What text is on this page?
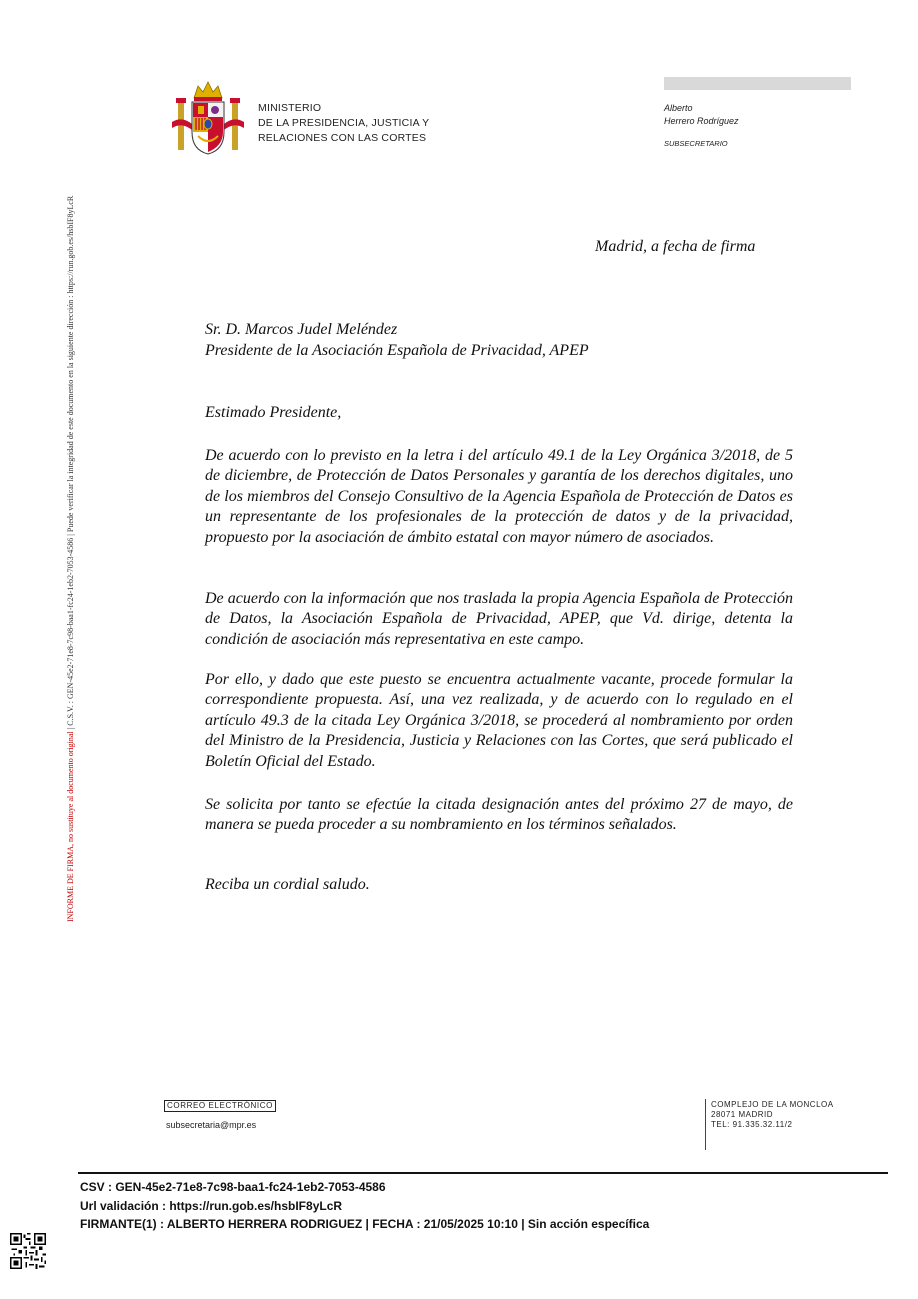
INFORME DE FIRMA, no sustituye al documento original | C.S.V. : GEN-45e2-71e8-7c98-baa1-fc24-1eb2-7053-4586 | Puede verificar la integridad de este documento en la siguiente dirección : https://run.gob.es/hsbIF8yLcR
MINISTERIO
DE LA PRESIDENCIA, JUSTICIA Y
RELACIONES CON LAS CORTES
Alberto
Herrero Rodríguez
SUBSECRETARIO
Madrid, a fecha de firma
Sr. D. Marcos Judel Meléndez
Presidente de la Asociación Española de Privacidad, APEP
Estimado Presidente,

De acuerdo con lo previsto en la letra i del artículo 49.1 de la Ley Orgánica 3/2018, de 5 de diciembre, de Protección de Datos Personales y garantía de los derechos digitales, uno de los miembros del Consejo Consultivo de la Agencia Española de Protección de Datos es un representante de los profesionales de la protección de datos y de la privacidad, propuesto por la asociación de ámbito estatal con mayor número de asociados.

De acuerdo con la información que nos traslada la propia Agencia Española de Protección de Datos, la Asociación Española de Privacidad, APEP, que Vd. dirige, detenta la condición de asociación más representativa en este campo.

Por ello, y dado que este puesto se encuentra actualmente vacante, procede formular la correspondiente propuesta. Así, una vez realizada, y de acuerdo con lo regulado en el artículo 49.3 de la citada Ley Orgánica 3/2018, se procederá al nombramiento por orden del Ministro de la Presidencia, Justicia y Relaciones con las Cortes, que será publicado el Boletín Oficial del Estado.

Se solicita por tanto se efectúe la citada designación antes del próximo 27 de mayo, de manera se pueda proceder a su nombramiento en los términos señalados.

Reciba un cordial saludo.
CORREO ELECTRÓNICO
subsecretaria@mpr.es
COMPLEJO DE LA MONCLOA
28071 MADRID
TEL: 91.335.32.11/2
CSV : GEN-45e2-71e8-7c98-baa1-fc24-1eb2-7053-4586
Url validación : https://run.gob.es/hsbIF8yLcR
FIRMANTE(1) : ALBERTO HERRERA RODRIGUEZ | FECHA : 21/05/2025 10:10 | Sin acción específica
